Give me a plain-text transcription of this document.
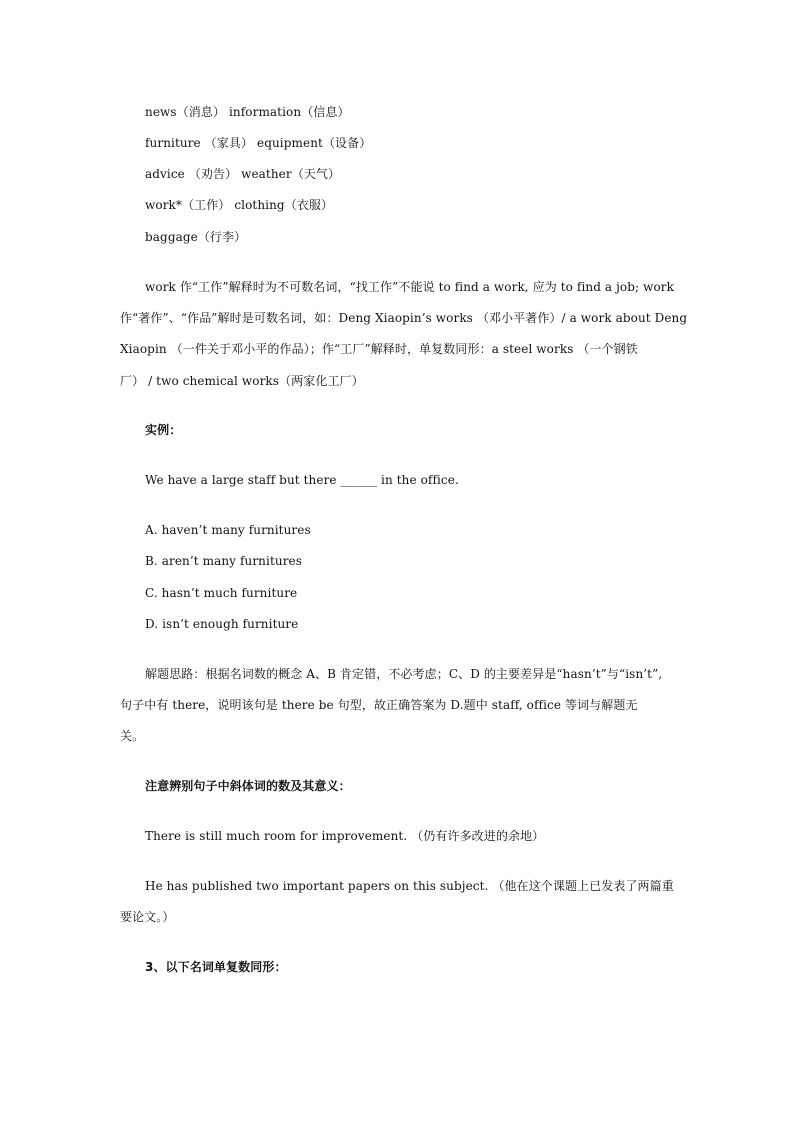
news（消息） information（信息）
furniture （家具） equipment（设备）
advice （劝告） weather（天气）
work*（工作） clothing（衣服）
baggage（行李）
work 作“工作”解释时为不可数名词，“找工作”不能说 to find a work, 应为 to find a job; work
作“著作”、“作品”解时是可数名词，如：Deng Xiaopin’s works （邓小平著作）/ a work about Deng
Xiaopin （一件关于邓小平的作品）；作“工厂”解释时，单复数同形：a steel works （一个钢铁
厂） / two chemical works（两家化工厂）
实例：
We have a large staff but there ______ in the office.
A. haven’t many furnitures
B. aren’t many furnitures
C. hasn’t much furniture
D. isn’t enough furniture
解题思路：根据名词数的概念 A、B 肯定错，不必考虑；C、D 的主要差异是“hasn’t”与“isn’t”,
句子中有 there，说明该句是 there be 句型，故正确答案为 D.题中 staff, office 等词与解题无
关。
注意辨别句子中斜体词的数及其意义：
There is still much room for improvement. （仍有许多改进的余地）
He has published two important papers on this subject. （他在这个课题上已发表了两篇重
要论文。）
3、以下名词单复数同形：
